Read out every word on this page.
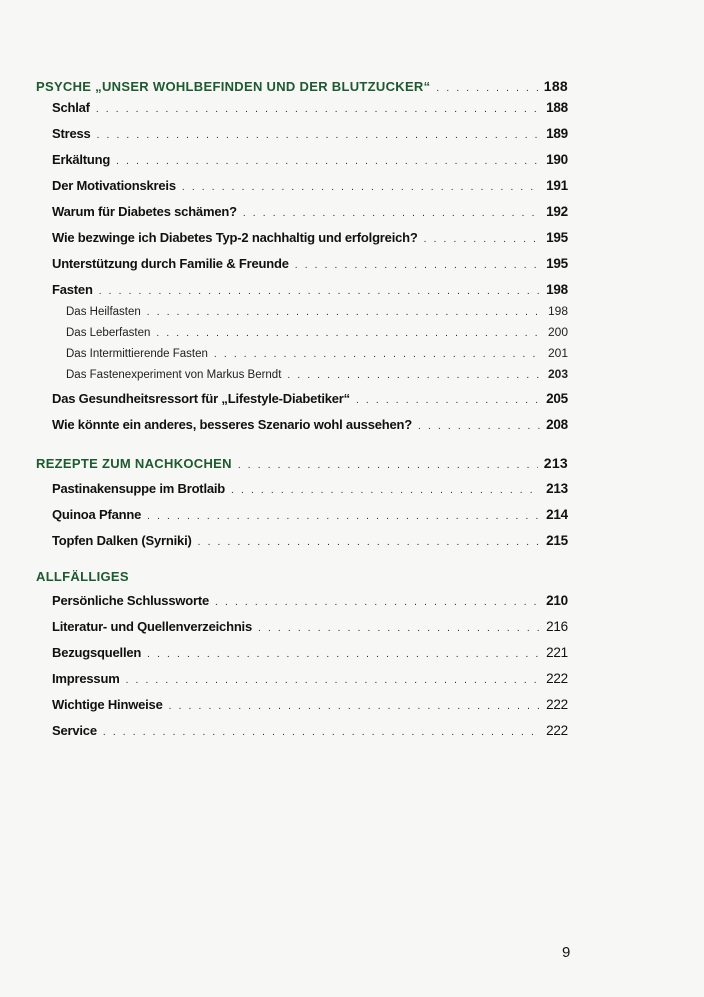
PSYCHE „UNSER WOHLBEFINDEN UND DER BLUTZUCKER“ . . .	188
Schlaf . . .	188
Stress . . .	189
Erkältung . . .	190
Der Motivationskreis . . .	191
Warum für Diabetes schämen? . . .	192
Wie bezwinge ich Diabetes Typ-2 nachhaltig und erfolgreich? . . .	195
Unterstützung durch Familie & Freunde . . .	195
Fasten . . .	198
Das Heilfasten . . .	198
Das Leberfasten . . .	200
Das Intermittierende Fasten . . .	201
Das Fastenexperiment von Markus Berndt . . .	203
Das Gesundheitsressort für „Lifestyle-Diabetiker“ . . .	205
Wie könnte ein anderes, besseres Szenario wohl aussehen? . . .	208
REZEPTE ZUM NACHKOCHEN . . .	213
Pastinakensuppe im Brotlaib . . .	213
Quinoa Pfanne . . .	214
Topfen Dalken (Syrniki) . . .	215
ALLFÄLLIGES
Persönliche Schlussworte . . .	210
Literatur- und Quellenverzeichnis . . .	216
Bezugsquellen . . .	221
Impressum . . .	222
Wichtige Hinweise . . .	222
Service . . .	222
9
